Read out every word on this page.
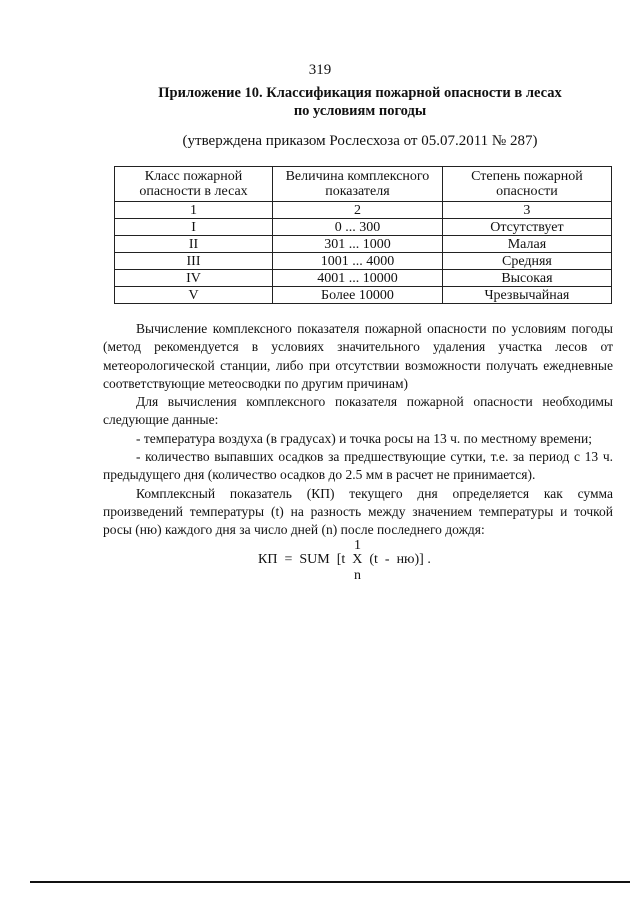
319
Приложение 10. Классификация пожарной опасности в лесах
по условиям погоды
(утверждена приказом Рослесхоза от 05.07.2011 № 287)
Класс пожарной опасности в лесах	Величина комплексного показателя	Степень пожарной опасности
1	2	3
I	0 ... 300	Отсутствует
II	301 ... 1000	Малая
III	1001 ... 4000	Средняя
IV	4001 ... 10000	Высокая
V	Более 10000	Чрезвычайная

Вычисление комплексного показателя пожарной опасности по условиям погоды (метод рекомендуется в условиях значительного удаления участка лесов от метеорологической станции, либо при отсутствии возможности получать ежедневные соответствующие метеосводки по другим причинам)

Для вычисления комплексного показателя пожарной опасности необходимы следующие данные:

- температура воздуха (в градусах) и точка росы на 13 ч. по местному времени;

- количество выпавших осадков за предшествующие сутки, т.е. за период с 13 ч. предыдущего дня (количество осадков до 2.5 мм в расчет не принимается).

Комплексный показатель (КП) текущего дня определяется как сумма произведений температуры (t) на разность между значением температуры и точкой росы (ню) каждого дня за число дней (n) после последнего дождя:

1
КП  =  SUM  [t  X  (t  -  ню)] .
n
